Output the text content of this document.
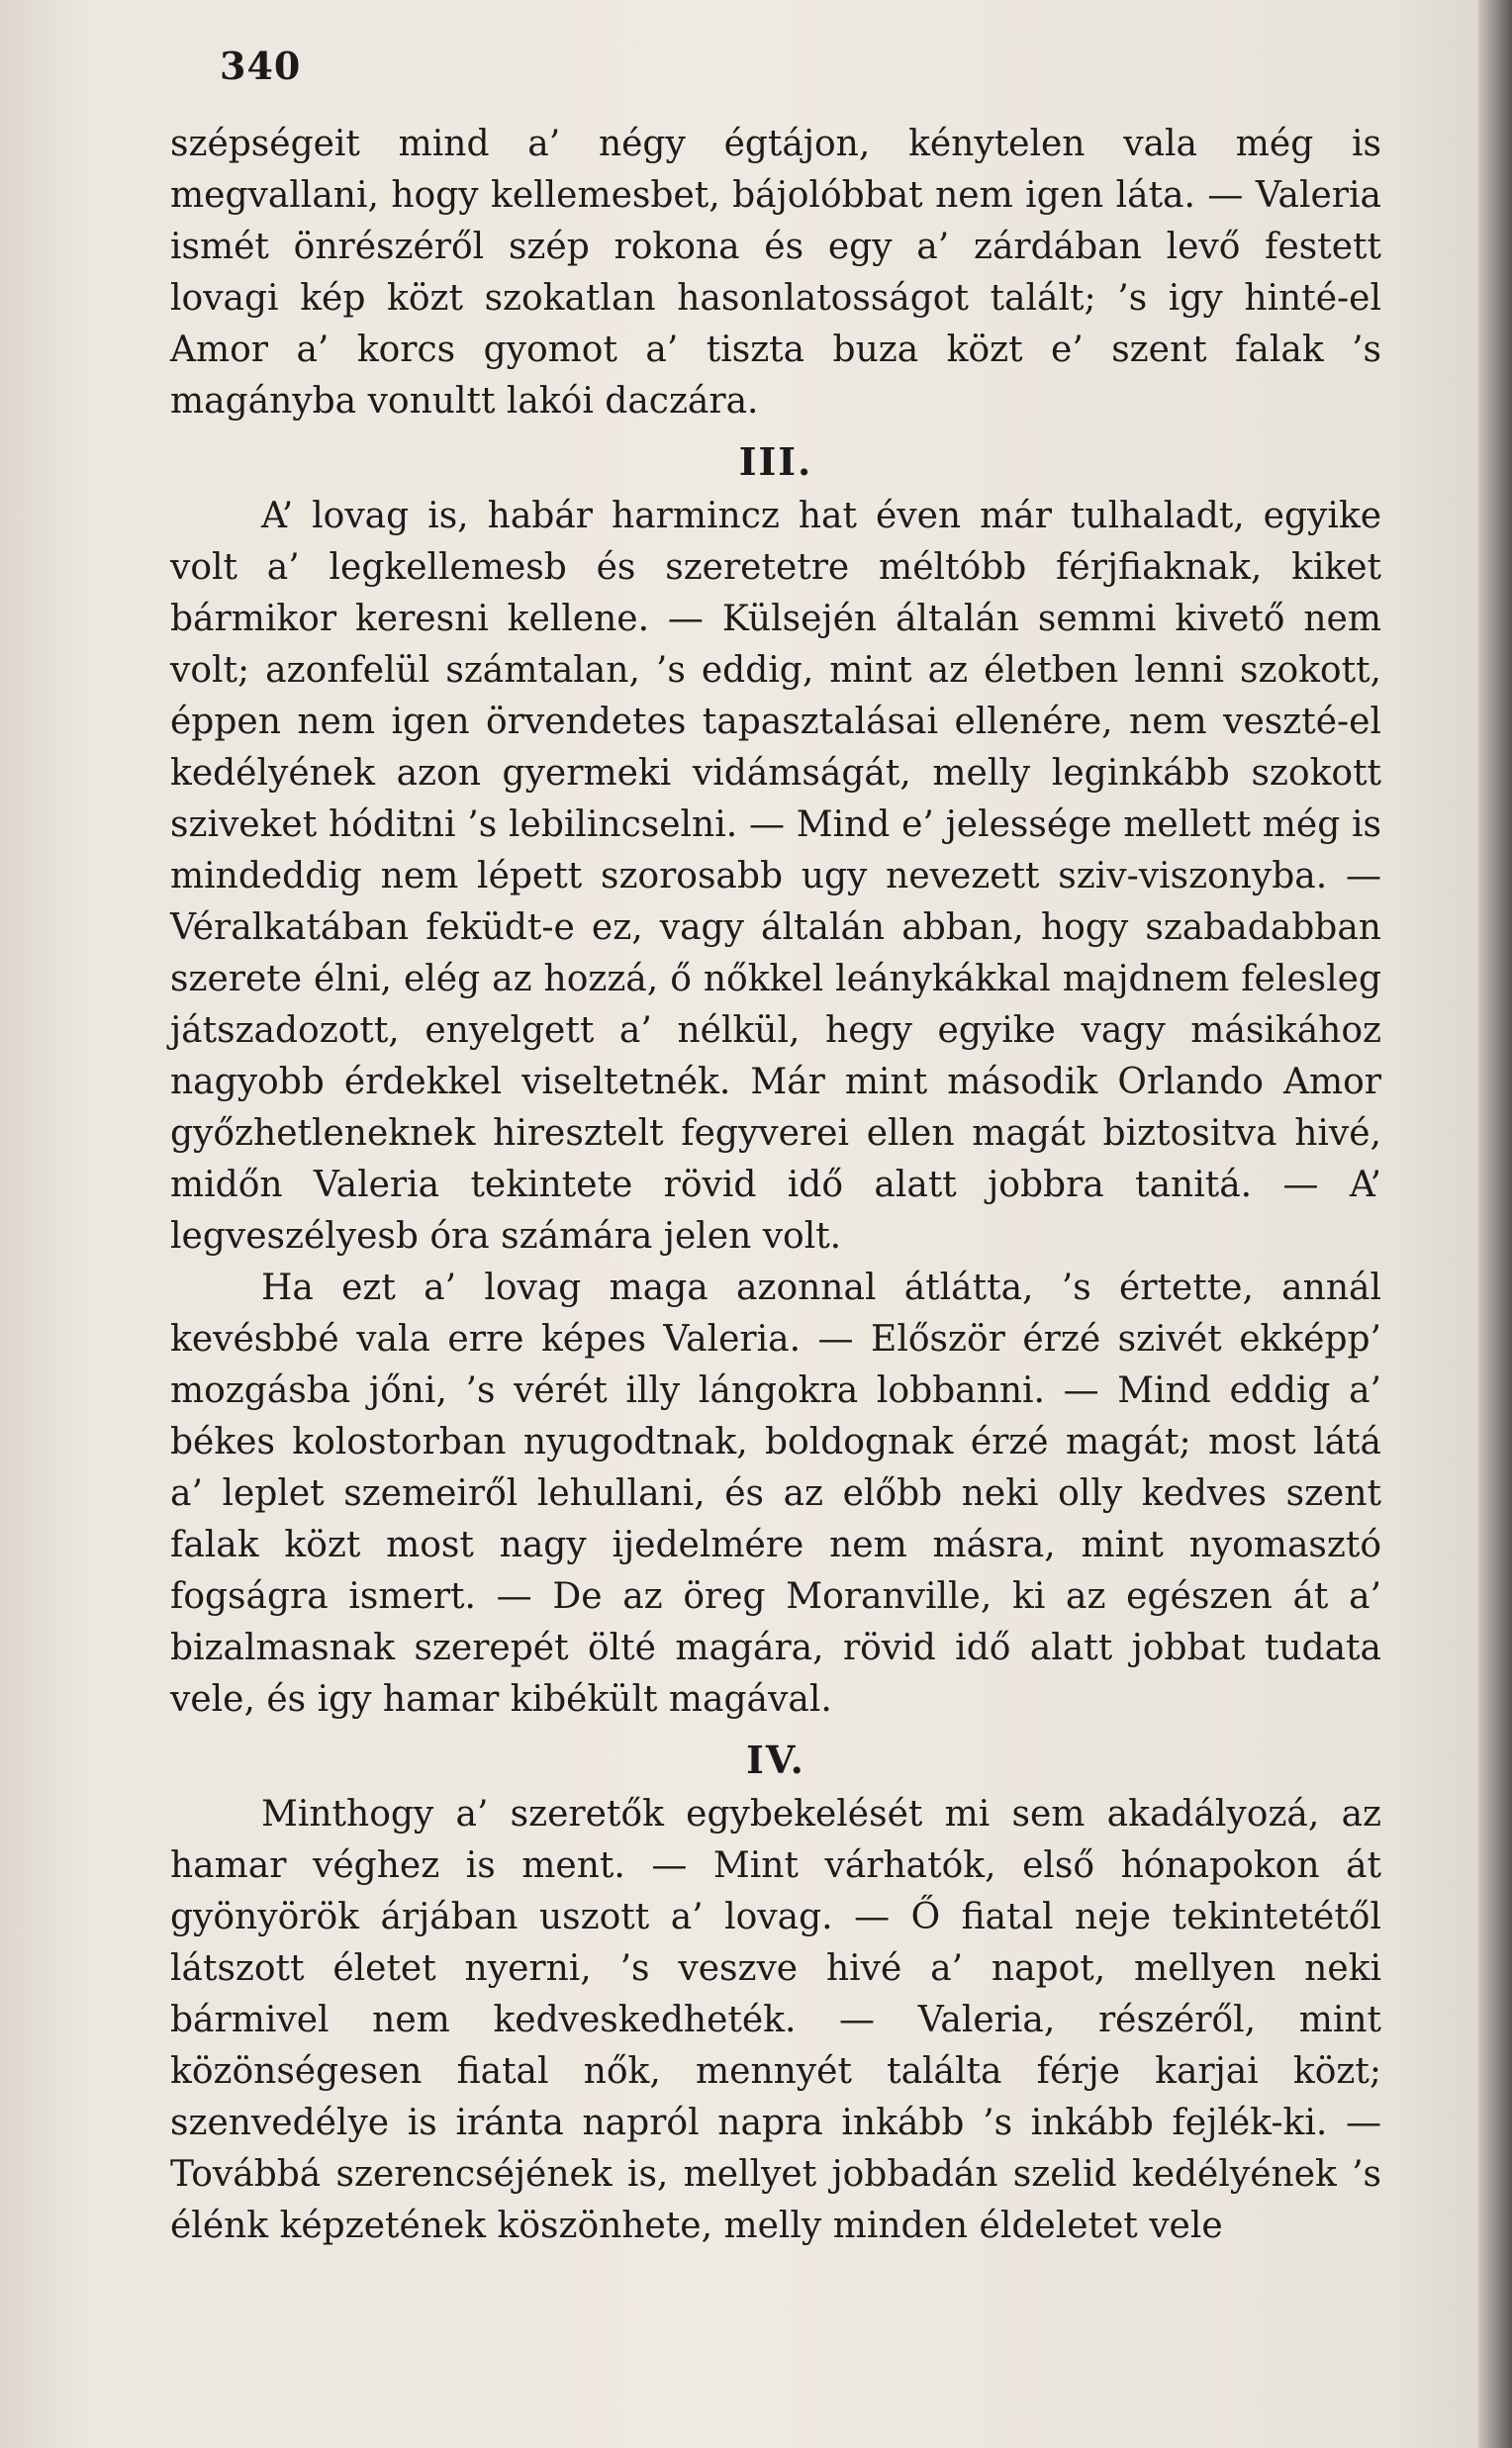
340

szépségeit mind a’ négy égtájon, kénytelen vala még is megvallani, hogy kellemesbet, bájolóbbat nem igen láta. — Valeria ismét önrészéről szép rokona és egy a’ zárdában levő festett lovagi kép közt szokatlan hasonlatosságot talált; ’s igy hinté-el Amor a’ korcs gyomot a’ tiszta buza közt e’ szent falak ’s magányba vonultt lakói daczára.

III.

A’ lovag is, habár harmincz hat éven már tulhaladt, egyike volt a’ legkellemesb és szeretetre méltóbb férjfiaknak, kiket bármikor keresni kellene. — Külsején általán semmi kivető nem volt; azonfelül számtalan, ’s eddig, mint az életben lenni szokott, éppen nem igen örvendetes tapasztalásai ellenére, nem veszté-el kedélyének azon gyermeki vidámságát, melly leginkább szokott sziveket hóditni ’s lebilincselni. — Mind e’ jelessége mellett még is mindeddig nem lépett szorosabb ugy nevezett sziv-viszonyba. — Véralkatában feküdt-e ez, vagy általán abban, hogy szabadabban szerete élni, elég az hozzá, ő nőkkel leánykákkal majdnem felesleg játszadozott, enyelgett a’ nélkül, hegy egyike vagy másikához nagyobb érdekkel viseltetnék. Már mint második Orlando Amor győzhetleneknek hiresztelt fegyverei ellen magát biztositva hivé, midőn Valeria tekintete rövid idő alatt jobbra tanitá. — A’ legveszélyesb óra számára jelen volt.

Ha ezt a’ lovag maga azonnal átlátta, ’s értette, annál kevésbbé vala erre képes Valeria. — Először érzé szivét ekképp’ mozgásba jőni, ’s vérét illy lángokra lobbanni. — Mind eddig a’ békes kolostorban nyugodtnak, boldognak érzé magát; most látá a’ leplet szemeiről lehullani, és az előbb neki olly kedves szent falak közt most nagy ijedelmére nem másra, mint nyomasztó fogságra ismert. — De az öreg Moranville, ki az egészen át a’ bizalmasnak szerepét ölté magára, rövid idő alatt jobbat tudata vele, és igy hamar kibékült magával.

IV.

Minthogy a’ szeretők egybekelését mi sem akadályozá, az hamar véghez is ment. — Mint várhatók, első hónapokon át gyönyörök árjában uszott a’ lovag. — Ő fiatal neje tekintetétől látszott életet nyerni, ’s veszve hivé a’ napot, mellyen neki bármivel nem kedveskedheték. — Valeria, részéről, mint közönségesen fiatal nők, mennyét találta férje karjai közt; szenvedélye is iránta napról napra inkább ’s inkább fejlék-ki. — Továbbá szerencséjének is, mellyet jobbadán szelid kedélyének ’s élénk képzetének köszönhete, melly minden éldeletet vele
